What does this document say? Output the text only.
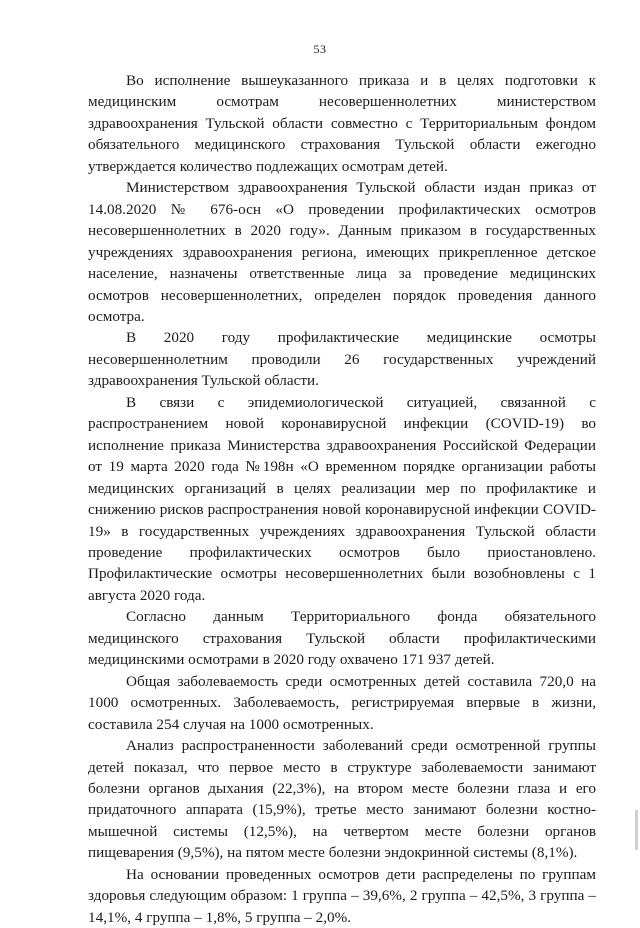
53

Во исполнение вышеуказанного приказа и в целях подготовки к медицинским осмотрам несовершеннолетних министерством здравоохранения Тульской области совместно с Территориальным фондом обязательного медицинского страхования Тульской области ежегодно утверждается количество подлежащих осмотрам детей.

Министерством здравоохранения Тульской области издан приказ от 14.08.2020 № 676-осн «О проведении профилактических осмотров несовершеннолетних в 2020 году». Данным приказом в государственных учреждениях здравоохранения региона, имеющих прикрепленное детское население, назначены ответственные лица за проведение медицинских осмотров несовершеннолетних, определен порядок проведения данного осмотра.

В 2020 году профилактические медицинские осмотры несовершеннолетним проводили 26 государственных учреждений здравоохранения Тульской области.

В связи с эпидемиологической ситуацией, связанной с распространением новой коронавирусной инфекции (COVID-19) во исполнение приказа Министерства здравоохранения Российской Федерации от 19 марта 2020 года №198н «О временном порядке организации работы медицинских организаций в целях реализации мер по профилактике и снижению рисков распространения новой коронавирусной инфекции COVID-19» в государственных учреждениях здравоохранения Тульской области проведение профилактических осмотров было приостановлено. Профилактические осмотры несовершеннолетних были возобновлены с 1 августа 2020 года.

Согласно данным Территориального фонда обязательного медицинского страхования Тульской области профилактическими медицинскими осмотрами в 2020 году охвачено 171 937 детей.

Общая заболеваемость среди осмотренных детей составила 720,0 на 1000 осмотренных. Заболеваемость, регистрируемая впервые в жизни, составила 254 случая на 1000 осмотренных.

Анализ распространенности заболеваний среди осмотренной группы детей показал, что первое место в структуре заболеваемости занимают болезни органов дыхания (22,3%), на втором месте болезни глаза и его придаточного аппарата (15,9%), третье место занимают болезни костно-мышечной системы (12,5%), на четвертом месте болезни органов пищеварения (9,5%), на пятом месте болезни эндокринной системы (8,1%).

На основании проведенных осмотров дети распределены по группам здоровья следующим образом: 1 группа – 39,6%, 2 группа – 42,5%, 3 группа – 14,1%, 4 группа – 1,8%, 5 группа – 2,0%.
